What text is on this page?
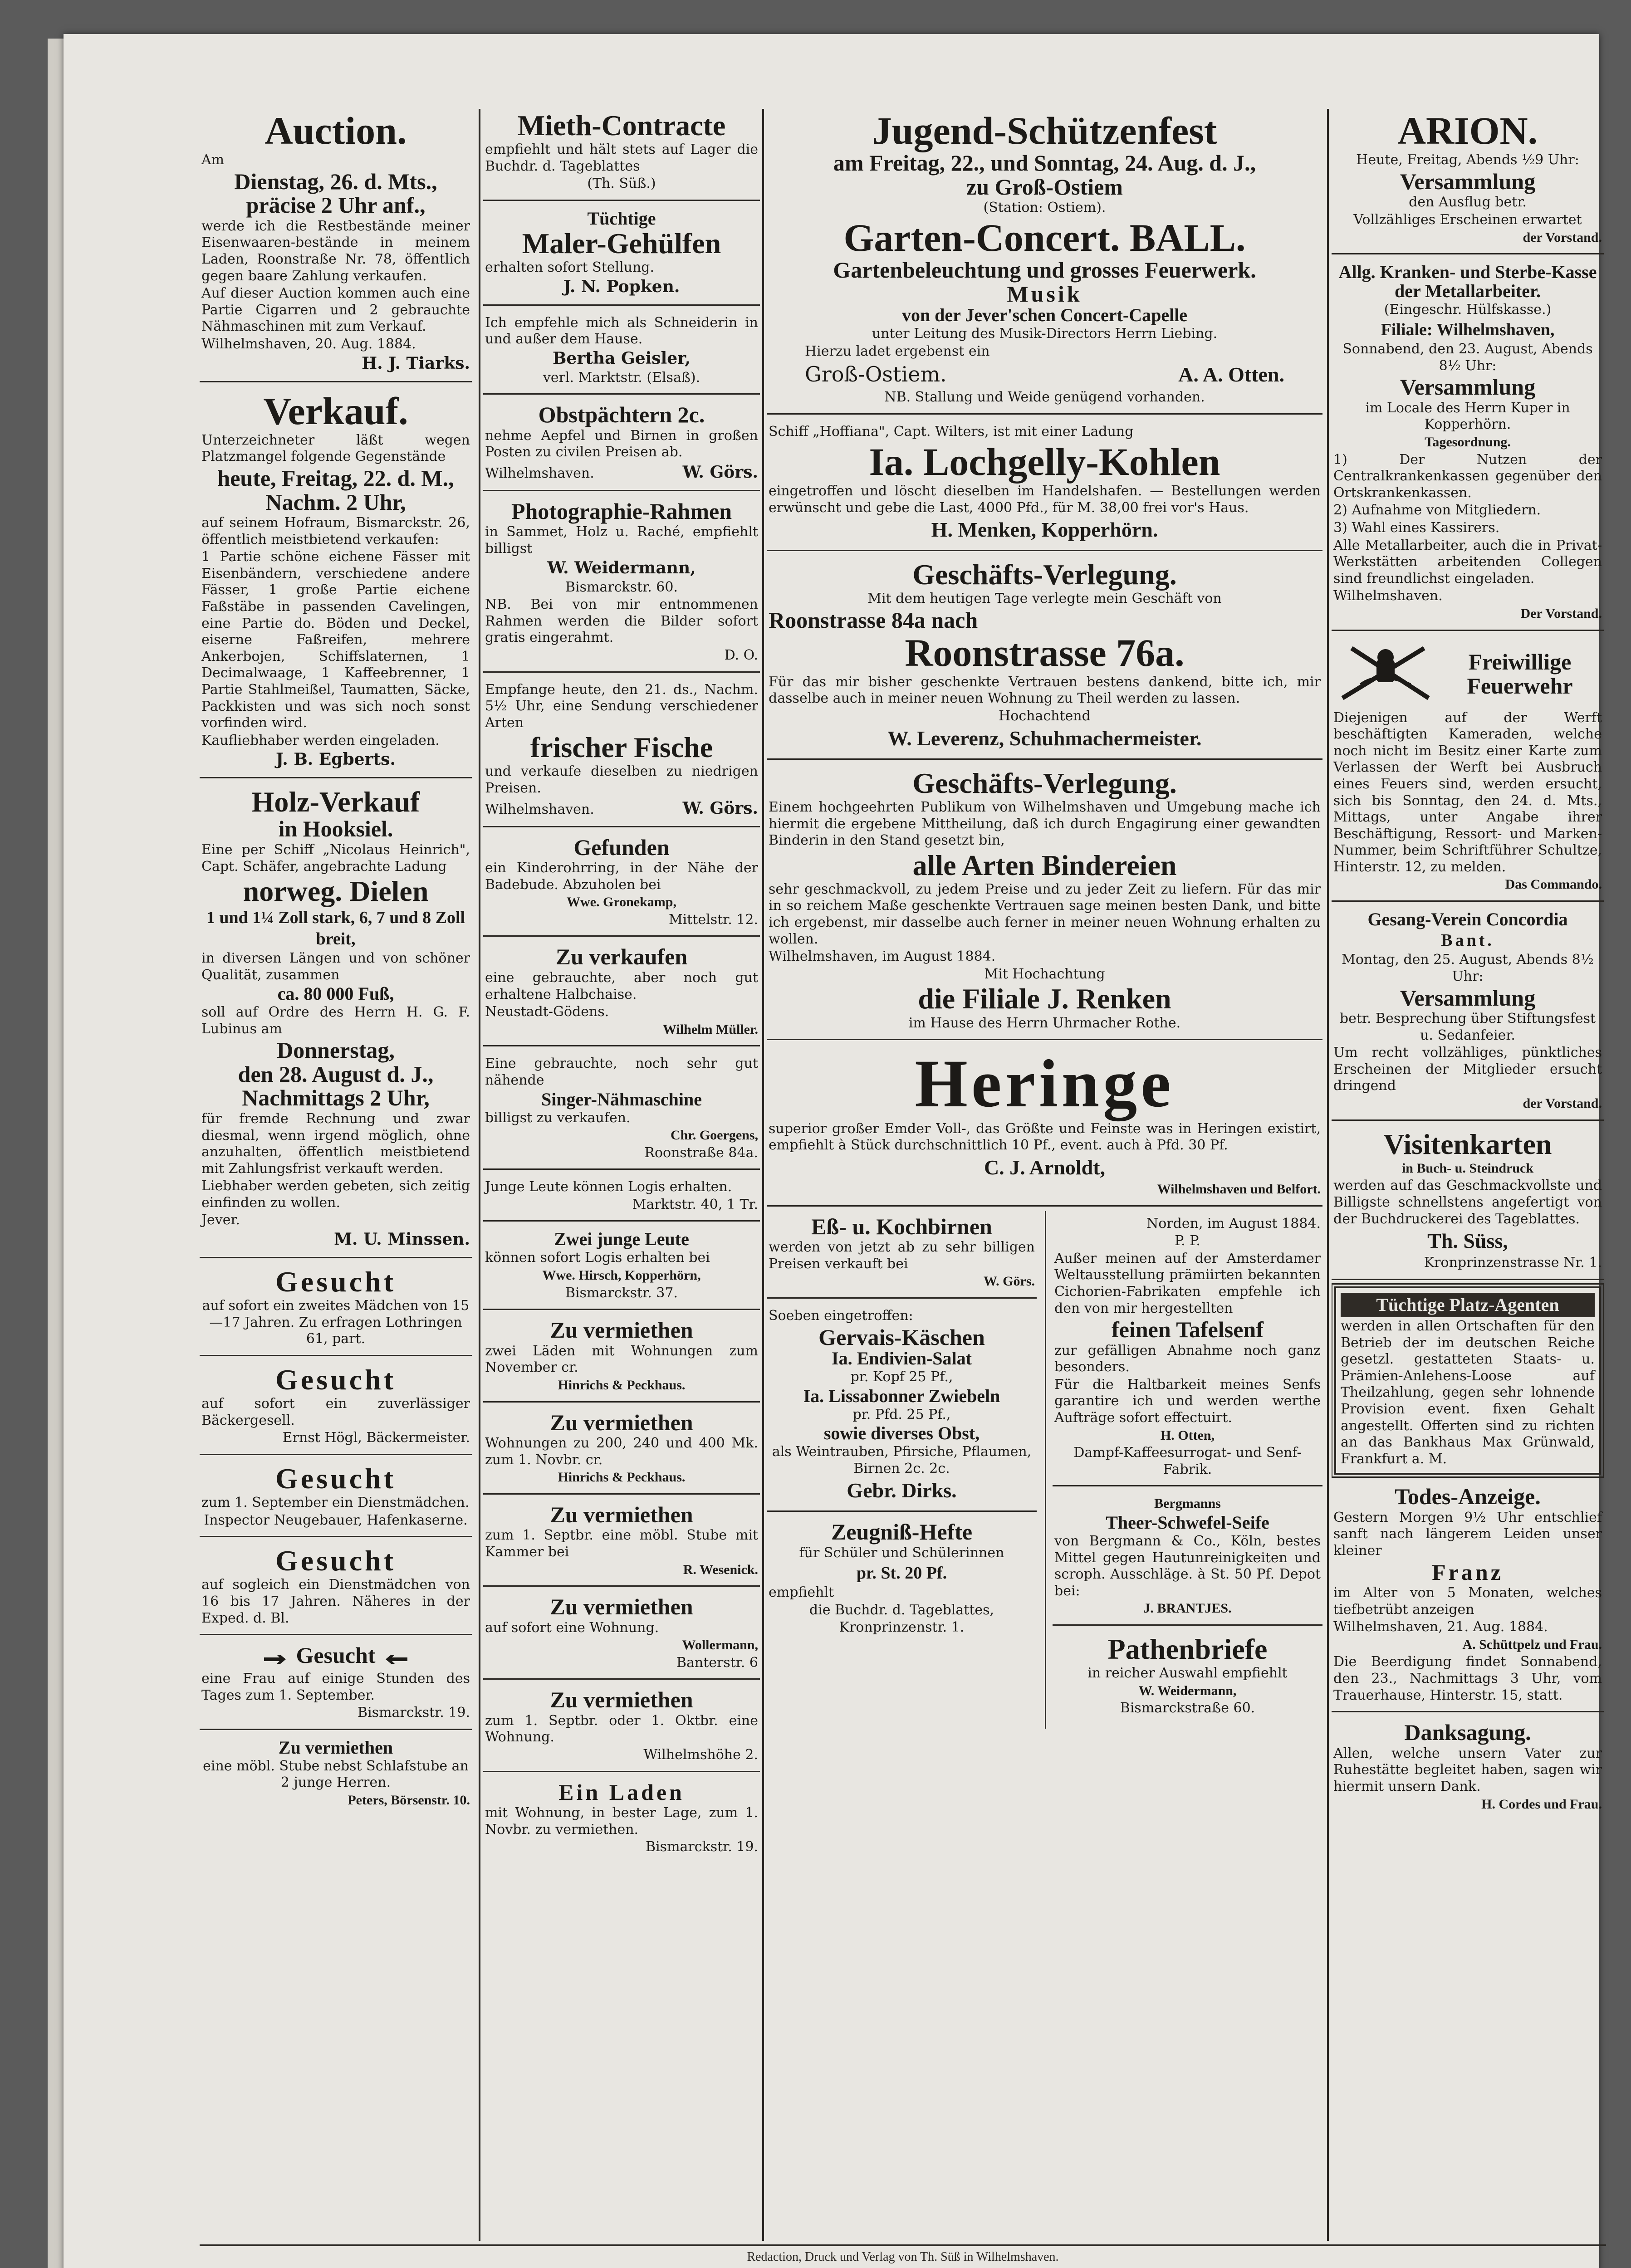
Auction.

Am

Dienstag, 26. d. Mts.,

präcise 2 Uhr anf.,

werde ich die Restbestände meiner Eisenwaaren-bestände in meinem Laden, Roonstraße Nr. 78, öffentlich gegen baare Zahlung verkaufen.

Auf dieser Auction kommen auch eine Partie Cigarren und 2 gebrauchte Nähmaschinen mit zum Verkauf.

Wilhelmshaven, 20. Aug. 1884.

H. J. Tiarks.

Verkauf.

Unterzeichneter läßt wegen Platzmangel folgende Gegenstände

heute, Freitag, 22. d. M.,

Nachm. 2 Uhr,

auf seinem Hofraum, Bismarckstr. 26, öffentlich meistbietend verkaufen:

1 Partie schöne eichene Fässer mit Eisenbändern, verschiedene andere Fässer, 1 große Partie eichene Faßstäbe in passenden Cavelingen, eine Partie do. Böden und Deckel, eiserne Faßreifen, mehrere Ankerbojen, Schiffslaternen, 1 Decimalwaage, 1 Kaffeebrenner, 1 Partie Stahlmeißel, Taumatten, Säcke, Packkisten und was sich noch sonst vorfinden wird.

Kaufliebhaber werden eingeladen.

J. B. Egberts.

Holz-Verkauf

in Hooksiel.

Eine per Schiff „Nicolaus Heinrich", Capt. Schäfer, angebrachte Ladung

norweg. Dielen

1 und 1¼ Zoll stark, 6, 7 und 8 Zoll breit,

in diversen Längen und von schöner Qualität, zusammen

ca. 80 000 Fuß,

soll auf Ordre des Herrn H. G. F. Lubinus am

Donnerstag,

den 28. August d. J.,

Nachmittags 2 Uhr,

für fremde Rechnung und zwar diesmal, wenn irgend möglich, ohne anzuhalten, öffentlich meistbietend mit Zahlungsfrist verkauft werden.

Liebhaber werden gebeten, sich zeitig einfinden zu wollen.

Jever.

M. U. Minssen.

Gesucht

auf sofort ein zweites Mädchen von 15—17 Jahren. Zu erfragen Lothringen 61, part.

Gesucht

auf sofort ein zuverlässiger Bäckergesell.

Ernst Högl, Bäckermeister.

Gesucht

zum 1. September ein Dienstmädchen.

Inspector Neugebauer, Hafenkaserne.

Gesucht

auf sogleich ein Dienstmädchen von 16 bis 17 Jahren. Näheres in der Exped. d. Bl.

Gesucht

eine Frau auf einige Stunden des Tages zum 1. September.

Bismarckstr. 19.

Zu vermiethen

eine möbl. Stube nebst Schlafstube an 2 junge Herren.

Peters, Börsenstr. 10.

Mieth-Contracte

empfiehlt und hält stets auf Lager die Buchdr. d. Tageblattes

(Th. Süß.)

Tüchtige

Maler-Gehülfen

erhalten sofort Stellung.

J. N. Popken.

Ich empfehle mich als Schneiderin in und außer dem Hause.

Bertha Geisler,

verl. Marktstr. (Elsaß).

Obstpächtern 2c.

nehme Aepfel und Birnen in großen Posten zu civilen Preisen ab.

Wilhelmshaven.	W. Görs.

Photographie-Rahmen

in Sammet, Holz u. Raché, empfiehlt billigst

W. Weidermann,

Bismarckstr. 60.

NB. Bei von mir entnommenen Rahmen werden die Bilder sofort gratis eingerahmt.

D. O.

Empfange heute, den 21. ds., Nachm. 5½ Uhr, eine Sendung verschiedener Arten

frischer Fische

und verkaufe dieselben zu niedrigen Preisen.

Wilhelmshaven.	W. Görs.

Gefunden

ein Kinderohrring, in der Nähe der Badebude. Abzuholen bei

Wwe. Gronekamp,

Mittelstr. 12.

Zu verkaufen

eine gebrauchte, aber noch gut erhaltene Halbchaise.

Neustadt-Gödens.

Wilhelm Müller.

Eine gebrauchte, noch sehr gut nähende

Singer-Nähmaschine

billigst zu verkaufen.

Chr. Goergens,

Roonstraße 84a.

Junge Leute können Logis erhalten.

Marktstr. 40, 1 Tr.

Zwei junge Leute

können sofort Logis erhalten bei

Wwe. Hirsch, Kopperhörn,

Bismarckstr. 37.

Zu vermiethen

zwei Läden mit Wohnungen zum November cr.

Hinrichs & Peckhaus.

Zu vermiethen

Wohnungen zu 200, 240 und 400 Mk. zum 1. Novbr. cr.

Hinrichs & Peckhaus.

Zu vermiethen

zum 1. Septbr. eine möbl. Stube mit Kammer bei

R. Wesenick.

Zu vermiethen

auf sofort eine Wohnung.

Wollermann,

Banterstr. 6

Zu vermiethen

zum 1. Septbr. oder 1. Oktbr. eine Wohnung.

Wilhelmshöhe 2.

Ein Laden

mit Wohnung, in bester Lage, zum 1. Novbr. zu vermiethen.

Bismarckstr. 19.

Jugend-Schützenfest

am Freitag, 22., und Sonntag, 24. Aug. d. J.,

zu Groß-Ostiem

(Station: Ostiem).

Garten-Concert. BALL.

Gartenbeleuchtung und grosses Feuerwerk.

Musik

von der Jever'schen Concert-Capelle

unter Leitung des Musik-Directors Herrn Liebing.

Hierzu ladet ergebenst ein

Groß-Ostiem.	A. A. Otten.

NB. Stallung und Weide genügend vorhanden.

Schiff „Hoffiana", Capt. Wilters, ist mit einer Ladung

Ia. Lochgelly-Kohlen

eingetroffen und löscht dieselben im Handelshafen. — Bestellungen werden erwünscht und gebe die Last, 4000 Pfd., für M. 38,00 frei vor's Haus.

H. Menken, Kopperhörn.

Geschäfts-Verlegung.

Mit dem heutigen Tage verlegte mein Geschäft von

Roonstrasse 84a nach

Roonstrasse 76a.

Für das mir bisher geschenkte Vertrauen bestens dankend, bitte ich, mir dasselbe auch in meiner neuen Wohnung zu Theil werden zu lassen.

Hochachtend

W. Leverenz, Schuhmachermeister.

Geschäfts-Verlegung.

Einem hochgeehrten Publikum von Wilhelmshaven und Umgebung mache ich hiermit die ergebene Mittheilung, daß ich durch Engagirung einer gewandten Binderin in den Stand gesetzt bin,

alle Arten Bindereien

sehr geschmackvoll, zu jedem Preise und zu jeder Zeit zu liefern. Für das mir in so reichem Maße geschenkte Vertrauen sage meinen besten Dank, und bitte ich ergebenst, mir dasselbe auch ferner in meiner neuen Wohnung erhalten zu wollen.

Wilhelmshaven, im August 1884.

Mit Hochachtung

die Filiale J. Renken

im Hause des Herrn Uhrmacher Rothe.

Heringe

superior großer Emder Voll-, das Größte und Feinste was in Heringen existirt, empfiehlt à Stück durchschnittlich 10 Pf., event. auch à Pfd. 30 Pf.

C. J. Arnoldt,

Wilhelmshaven und Belfort.

Eß- u. Kochbirnen

werden von jetzt ab zu sehr billigen Preisen verkauft bei

W. Görs.

Soeben eingetroffen:

Gervais-Käschen

Ia. Endivien-Salat

pr. Kopf 25 Pf.,

Ia. Lissabonner Zwiebeln

pr. Pfd. 25 Pf.,

sowie diverses Obst,

als Weintrauben, Pfirsiche, Pflaumen, Birnen 2c. 2c.

Gebr. Dirks.

Zeugniß-Hefte

für Schüler und Schülerinnen

pr. St. 20 Pf.

empfiehlt

die Buchdr. d. Tageblattes,

Kronprinzenstr. 1.

Norden, im August 1884.

P. P.

Außer meinen auf der Amsterdamer Weltausstellung prämiirten bekannten Cichorien-Fabrikaten empfehle ich den von mir hergestellten

feinen Tafelsenf

zur gefälligen Abnahme noch ganz besonders.

Für die Haltbarkeit meines Senfs garantire ich und werden werthe Aufträge sofort effectuirt.

H. Otten,

Dampf-Kaffeesurrogat- und Senf-Fabrik.

Bergmanns

Theer-Schwefel-Seife

von Bergmann & Co., Köln, bestes Mittel gegen Hautunreinigkeiten und scroph. Ausschläge. à St. 50 Pf. Depot bei:

J. BRANTJES.

Pathenbriefe

in reicher Auswahl empfiehlt

W. Weidermann,

Bismarckstraße 60.

ARION.

Heute, Freitag, Abends ½9 Uhr:

Versammlung

den Ausflug betr.

Vollzähliges Erscheinen erwartet

der Vorstand.

Allg. Kranken- und Sterbe-Kasse der Metallarbeiter.

(Eingeschr. Hülfskasse.)

Filiale: Wilhelmshaven,

Sonnabend, den 23. August, Abends 8½ Uhr:

Versammlung

im Locale des Herrn Kuper in Kopperhörn.

Tagesordnung.

1) Der Nutzen der Centralkrankenkassen gegenüber den Ortskrankenkassen.

2) Aufnahme von Mitgliedern.

3) Wahl eines Kassirers.

Alle Metallarbeiter, auch die in Privat-Werkstätten arbeitenden Collegen sind freundlichst eingeladen.

Wilhelmshaven.

Der Vorstand.

Freiwillige Feuerwehr

Diejenigen auf der Werft beschäftigten Kameraden, welche noch nicht im Besitz einer Karte zum Verlassen der Werft bei Ausbruch eines Feuers sind, werden ersucht, sich bis Sonntag, den 24. d. Mts., Mittags, unter Angabe ihrer Beschäftigung, Ressort- und Marken-Nummer, beim Schriftführer Schultze, Hinterstr. 12, zu melden.

Das Commando.

Gesang-Verein Concordia

Bant.

Montag, den 25. August, Abends 8½ Uhr:

Versammlung

betr. Besprechung über Stiftungsfest u. Sedanfeier.

Um recht vollzähliges, pünktliches Erscheinen der Mitglieder ersucht dringend

der Vorstand.

Visitenkarten

in Buch- u. Steindruck

werden auf das Geschmackvollste und Billigste schnellstens angefertigt von der Buchdruckerei des Tageblattes.

Th. Süss,

Kronprinzenstrasse Nr. 1.

Tüchtige Platz-Agenten

werden in allen Ortschaften für den Betrieb der im deutschen Reiche gesetzl. gestatteten Staats- u. Prämien-Anlehens-Loose auf Theilzahlung, gegen sehr lohnende Provision event. fixen Gehalt angestellt. Offerten sind zu richten an das Bankhaus Max Grünwald, Frankfurt a. M.

Todes-Anzeige.

Gestern Morgen 9½ Uhr entschlief sanft nach längerem Leiden unser kleiner

Franz

im Alter von 5 Monaten, welches tiefbetrübt anzeigen

Wilhelmshaven, 21. Aug. 1884.

A. Schüttpelz und Frau.

Die Beerdigung findet Sonnabend, den 23., Nachmittags 3 Uhr, vom Trauerhause, Hinterstr. 15, statt.

Danksagung.

Allen, welche unsern Vater zur Ruhestätte begleitet haben, sagen wir hiermit unsern Dank.

H. Cordes und Frau.

Redaction, Druck und Verlag von Th. Süß in Wilhelmshaven.
